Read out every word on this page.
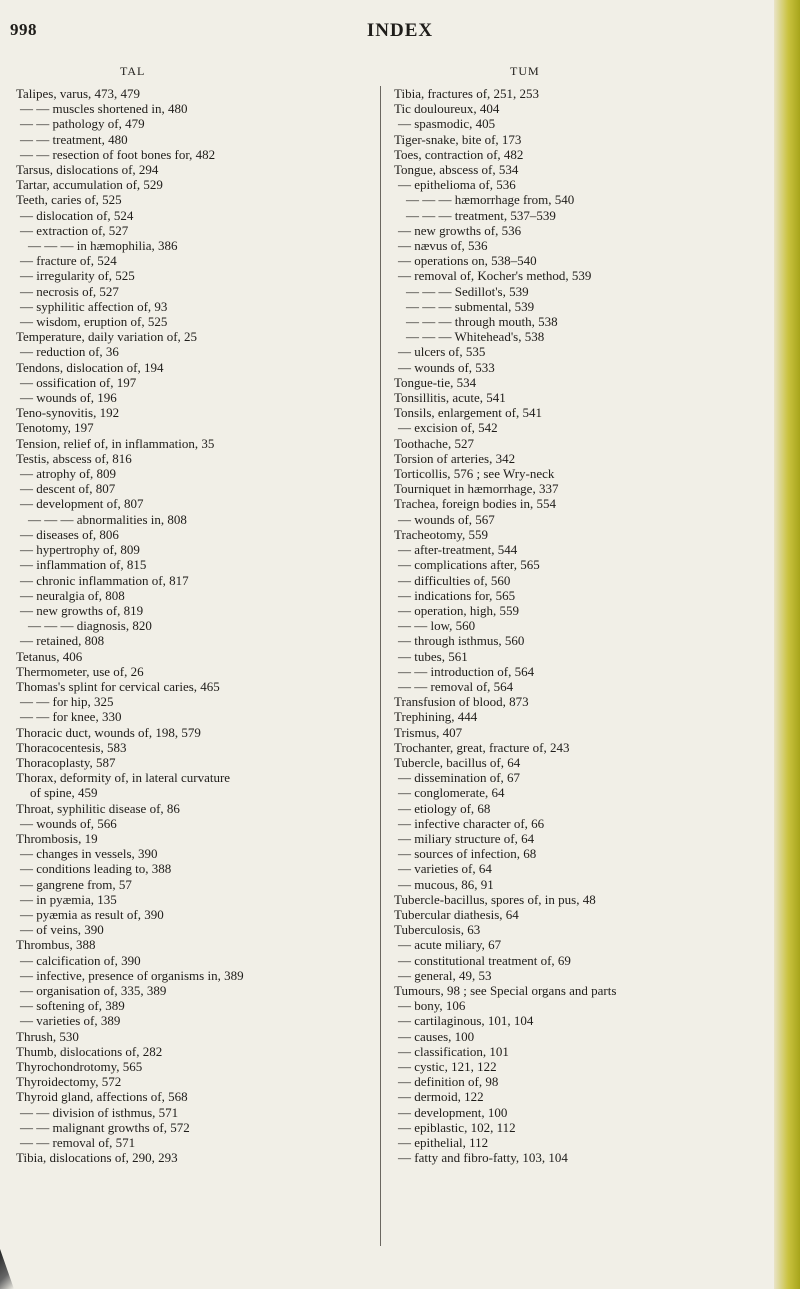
998	INDEX
TAL	TUM
Talipes, varus, 473, 479
— — muscles shortened in, 480
— — pathology of, 479
— — treatment, 480
— — resection of foot bones for, 482
Tarsus, dislocations of, 294
Tartar, accumulation of, 529
Teeth, caries of, 525
— dislocation of, 524
— extraction of, 527
— — — in hæmophilia, 386
— fracture of, 524
— irregularity of, 525
— necrosis of, 527
— syphilitic affection of, 93
— wisdom, eruption of, 525
Temperature, daily variation of, 25
— reduction of, 36
Tendons, dislocation of, 194
— ossification of, 197
— wounds of, 196
Teno-synovitis, 192
Tenotomy, 197
Tension, relief of, in inflammation, 35
Testis, abscess of, 816
— atrophy of, 809
— descent of, 807
— development of, 807
— — — abnormalities in, 808
— diseases of, 806
— hypertrophy of, 809
— inflammation of, 815
— chronic inflammation of, 817
— neuralgia of, 808
— new growths of, 819
— — — diagnosis, 820
— retained, 808
Tetanus, 406
Thermometer, use of, 26
Thomas's splint for cervical caries, 465
— — for hip, 325
— — for knee, 330
Thoracic duct, wounds of, 198, 579
Thoracocentesis, 583
Thoracoplasty, 587
Thorax, deformity of, in lateral curvature
of spine, 459
Throat, syphilitic disease of, 86
— wounds of, 566
Thrombosis, 19
— changes in vessels, 390
— conditions leading to, 388
— gangrene from, 57
— in pyæmia, 135
— pyæmia as result of, 390
— of veins, 390
Thrombus, 388
— calcification of, 390
— infective, presence of organisms in, 389
— organisation of, 335, 389
— softening of, 389
— varieties of, 389
Thrush, 530
Thumb, dislocations of, 282
Thyrochondrotomy, 565
Thyroidectomy, 572
Thyroid gland, affections of, 568
— — division of isthmus, 571
— — malignant growths of, 572
— — removal of, 571
Tibia, dislocations of, 290, 293
Tibia, fractures of, 251, 253
Tic douloureux, 404
— spasmodic, 405
Tiger-snake, bite of, 173
Toes, contraction of, 482
Tongue, abscess of, 534
— epithelioma of, 536
— — — hæmorrhage from, 540
— — — treatment, 537–539
— new growths of, 536
— nævus of, 536
— operations on, 538–540
— removal of, Kocher's method, 539
— — — Sedillot's, 539
— — — submental, 539
— — — through mouth, 538
— — — Whitehead's, 538
— ulcers of, 535
— wounds of, 533
Tongue-tie, 534
Tonsillitis, acute, 541
Tonsils, enlargement of, 541
— excision of, 542
Toothache, 527
Torsion of arteries, 342
Torticollis, 576 ; see Wry-neck
Tourniquet in hæmorrhage, 337
Trachea, foreign bodies in, 554
— wounds of, 567
Tracheotomy, 559
— after-treatment, 544
— complications after, 565
— difficulties of, 560
— indications for, 565
— operation, high, 559
— — low, 560
— through isthmus, 560
— tubes, 561
— — introduction of, 564
— — removal of, 564
Transfusion of blood, 873
Trephining, 444
Trismus, 407
Trochanter, great, fracture of, 243
Tubercle, bacillus of, 64
— dissemination of, 67
— conglomerate, 64
— etiology of, 68
— infective character of, 66
— miliary structure of, 64
— sources of infection, 68
— varieties of, 64
— mucous, 86, 91
Tubercle-bacillus, spores of, in pus, 48
Tubercular diathesis, 64
Tuberculosis, 63
— acute miliary, 67
— constitutional treatment of, 69
— general, 49, 53
Tumours, 98 ; see Special organs and parts
— bony, 106
— cartilaginous, 101, 104
— causes, 100
— classification, 101
— cystic, 121, 122
— definition of, 98
— dermoid, 122
— development, 100
— epiblastic, 102, 112
— epithelial, 112
— fatty and fibro-fatty, 103, 104
